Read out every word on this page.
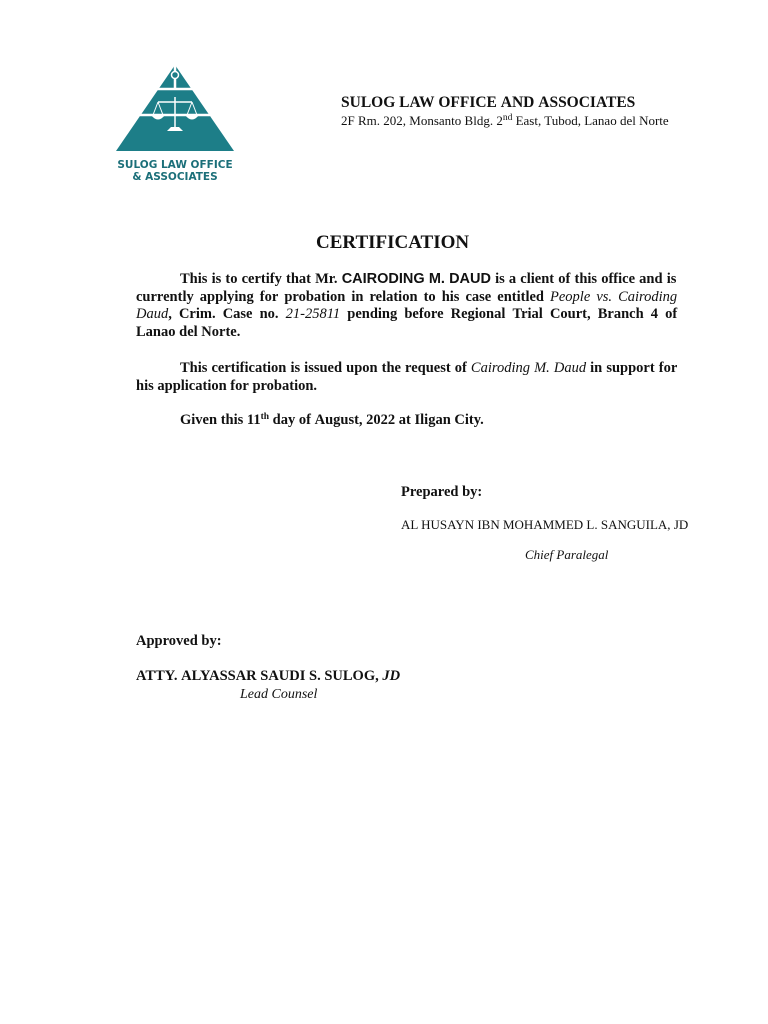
SULOG LAW OFFICE
& ASSOCIATES
SULOG LAW OFFICE AND ASSOCIATES
2F Rm. 202, Monsanto Bldg. 2nd East, Tubod, Lanao del Norte
CERTIFICATION
This is to certify that Mr. CAIRODING M. DAUD is a client of this office and is
currently applying for probation in relation to his case entitled People vs. Cairoding
Daud, Crim. Case no. 21-25811 pending before Regional Trial Court, Branch 4 of
Lanao del Norte.
This certification is issued upon the request of Cairoding M. Daud in support for
his application for probation.
Given this 11th day of August, 2022 at Iligan City.
Prepared by:
AL HUSAYN IBN MOHAMMED L. SANGUILA, JD
Chief Paralegal
Approved by:
ATTY. ALYASSAR SAUDI S. SULOG, JD
Lead Counsel
